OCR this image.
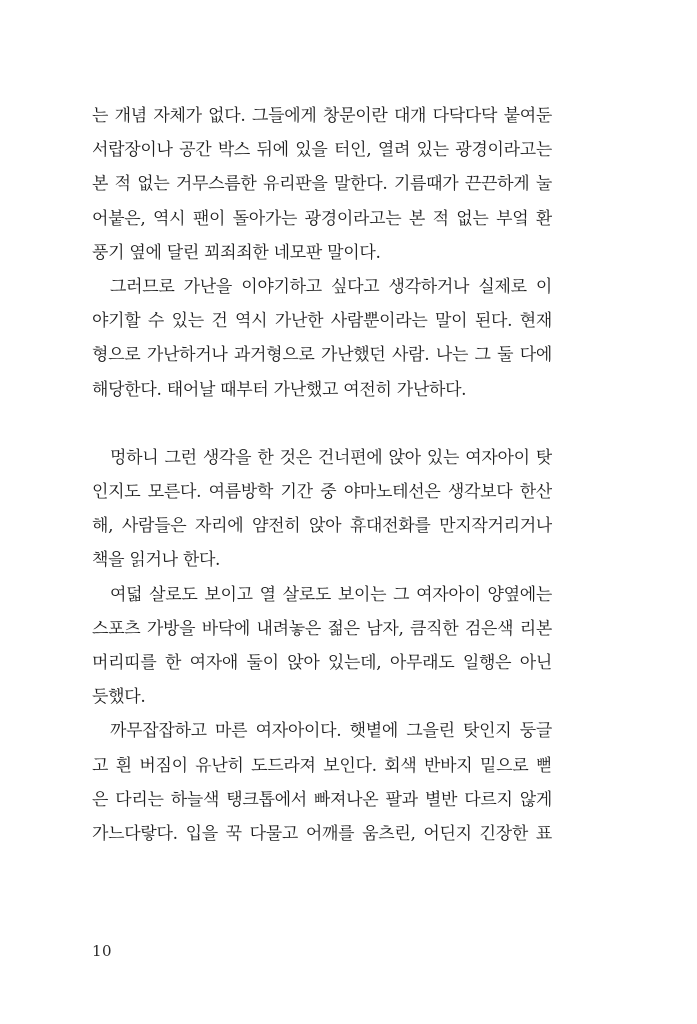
는 개념 자체가 없다. 그들에게 창문이란 대개 다닥다닥 붙여둔
서랍장이나 공간 박스 뒤에 있을 터인, 열려 있는 광경이라고는
본 적 없는 거무스름한 유리판을 말한다. 기름때가 끈끈하게 눌
어붙은, 역시 팬이 돌아가는 광경이라고는 본 적 없는 부엌 환
풍기 옆에 달린 꾀죄죄한 네모판 말이다.

그러므로 가난을 이야기하고 싶다고 생각하거나 실제로 이
야기할 수 있는 건 역시 가난한 사람뿐이라는 말이 된다. 현재
형으로 가난하거나 과거형으로 가난했던 사람. 나는 그 둘 다에
해당한다. 태어날 때부터 가난했고 여전히 가난하다.

멍하니 그런 생각을 한 것은 건너편에 앉아 있는 여자아이 탓
인지도 모른다. 여름방학 기간 중 야마노테선은 생각보다 한산
해, 사람들은 자리에 얌전히 앉아 휴대전화를 만지작거리거나
책을 읽거나 한다.

여덟 살로도 보이고 열 살로도 보이는 그 여자아이 양옆에는
스포츠 가방을 바닥에 내려놓은 젊은 남자, 큼직한 검은색 리본
머리띠를 한 여자애 둘이 앉아 있는데, 아무래도 일행은 아닌
듯했다.

까무잡잡하고 마른 여자아이다. 햇볕에 그을린 탓인지 둥글
고 흰 버짐이 유난히 도드라져 보인다. 회색 반바지 밑으로 뻗
은 다리는 하늘색 탱크톱에서 빠져나온 팔과 별반 다르지 않게
가느다랗다. 입을 꾹 다물고 어깨를 움츠린, 어딘지 긴장한 표

10
